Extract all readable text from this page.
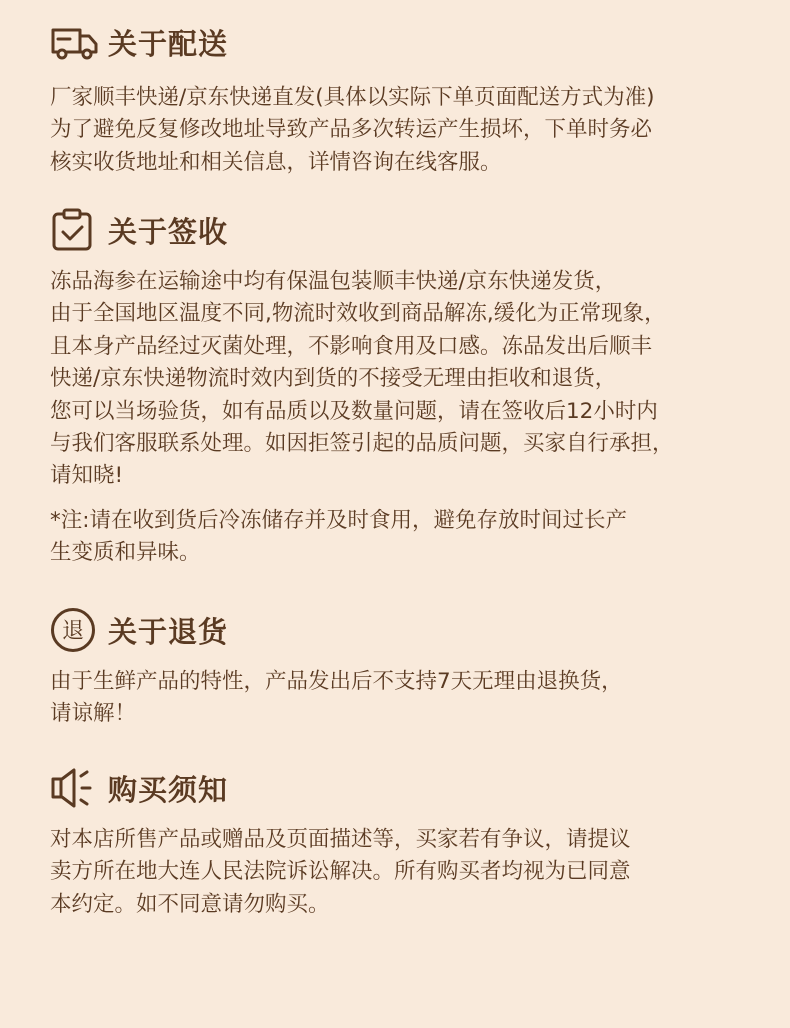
关于配送

厂家顺丰快递/京东快递直发(具体以实际下单页面配送方式为准)
为了避免反复修改地址导致产品多次转运产生损坏，下单时务必
核实收货地址和相关信息，详情咨询在线客服。

关于签收

冻品海参在运输途中均有保温包装顺丰快递/京东快递发货，
由于全国地区温度不同,物流时效收到商品解冻,缓化为正常现象，
且本身产品经过灭菌处理，不影响食用及口感。冻品发出后顺丰
快递/京东快递物流时效内到货的不接受无理由拒收和退货，
您可以当场验货，如有品质以及数量问题，请在签收后12小时内
与我们客服联系处理。如因拒签引起的品质问题，买家自行承担，
请知晓!

*注:请在收到货后冷冻储存并及时食用，避免存放时间过长产
生变质和异味。

退 关于退货

由于生鲜产品的特性，产品发出后不支持7天无理由退换货，
请谅解！

购买须知

对本店所售产品或赠品及页面描述等，买家若有争议，请提议
卖方所在地大连人民法院诉讼解决。所有购买者均视为已同意
本约定。如不同意请勿购买。
